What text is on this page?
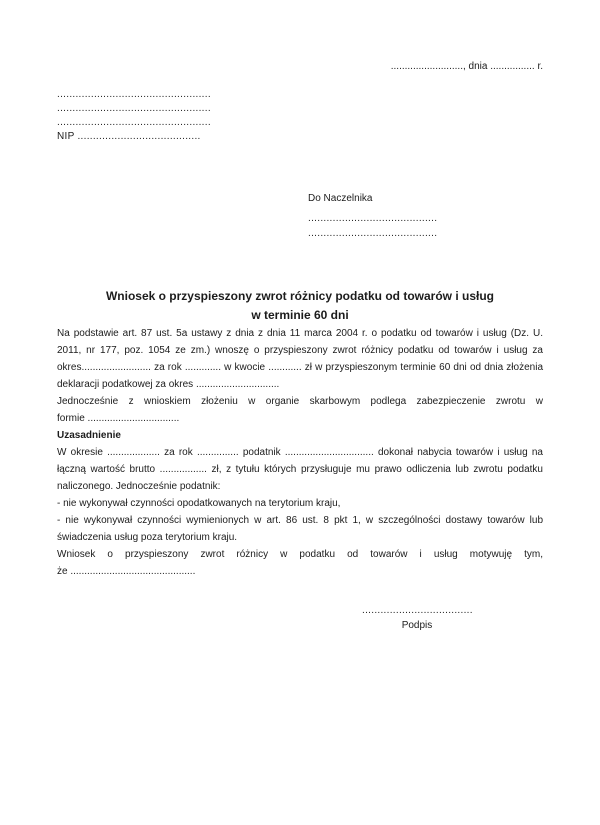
.........................., dnia ................ r.
..................................................
..................................................
..................................................
NIP ........................................
Do Naczelnika
..........................................
..........................................
Wniosek o przyspieszony zwrot różnicy podatku od towarów i usług
w terminie 60 dni

Na podstawie art. 87 ust. 5a ustawy z dnia z dnia 11 marca 2004 r. o podatku od towarów i usług (Dz. U. 2011, nr 177, poz. 1054 ze zm.) wnoszę o przyspieszony zwrot różnicy podatku od towarów i usług za okres......................... za rok ............. w kwocie ............ zł w przyspieszonym terminie 60 dni od dnia złożenia deklaracji podatkowej za okres ..............................

Jednocześnie z wnioskiem złożeniu w organie skarbowym podlega zabezpieczenie zwrotu w
formie .................................

Uzasadnienie

W okresie ................... za rok ............... podatnik ................................ dokonał nabycia towarów i usług na łączną wartość brutto ................. zł, z tytułu których przysługuje mu prawo odliczenia lub zwrotu podatku naliczonego. Jednocześnie podatnik:

- nie wykonywał czynności opodatkowanych na terytorium kraju,

- nie wykonywał czynności wymienionych w art. 86 ust. 8 pkt 1, w szczególności dostawy towarów lub świadczenia usług poza terytorium kraju.

Wniosek o przyspieszony zwrot różnicy w podatku od towarów i usług motywuję tym,
że .............................................

....................................
Podpis
